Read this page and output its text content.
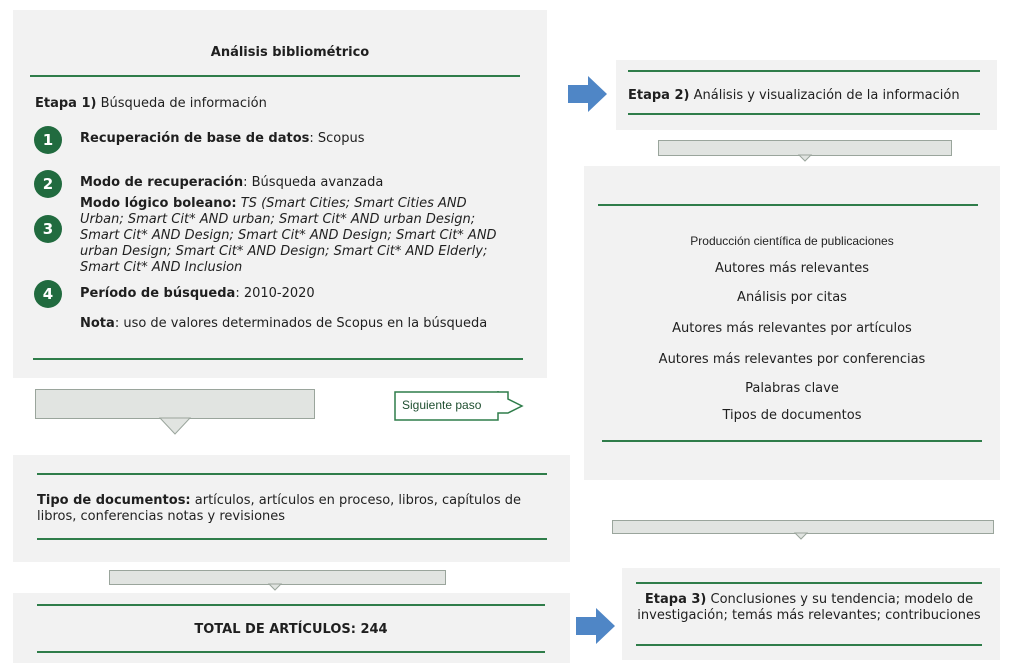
Análisis bibliométrico
Etapa 1) Búsqueda de información
1	Recuperación de base de datos: Scopus
2	Modo de recuperación: Búsqueda avanzada
3
Modo lógico boleano: TS (Smart Cities; Smart Cities AND Urban; Smart Cit* AND urban; Smart Cit* AND urban Design; Smart Cit* AND Design; Smart Cit* AND Design; Smart Cit* AND urban Design; Smart Cit* AND Design; Smart Cit* AND Elderly; Smart Cit* AND Inclusion
4	Período de búsqueda: 2010-2020
Nota: uso de valores determinados de Scopus en la búsqueda
Siguiente paso
Tipo de documentos: artículos, artículos en proceso, libros, capítulos de libros, conferencias notas y revisiones
TOTAL DE ARTÍCULOS: 244
Etapa 2) Análisis y visualización de la información
Producción científica de publicaciones
Autores más relevantes
Análisis por citas
Autores más relevantes por artículos
Autores más relevantes por conferencias
Palabras clave
Tipos de documentos
Etapa 3) Conclusiones y su tendencia; modelo de investigación; temás más relevantes; contribuciones
